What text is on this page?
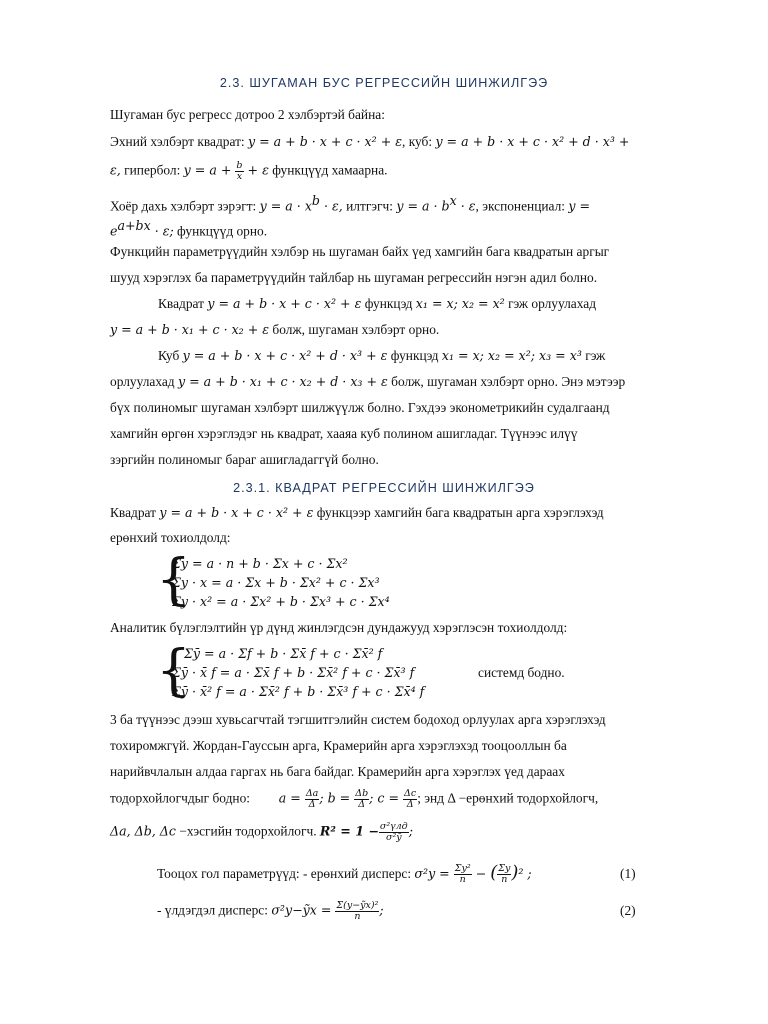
2.3. ШУГАМАН БУС РЕГРЕССИЙН ШИНЖИЛГЭЭ
Шугаман бус регресс дотроо 2 хэлбэртэй байна:
Эхний хэлбэрт квадрат: y = a + b · x + c · x² + ε, куб: y = a + b · x + c · x² + d · x³ +
ε, гипербол: $y = a + \frac{b}{x} + \varepsilon$ функцүүд хамаарна.
Хоёр дахь хэлбэрт зэрэгт: $y = a \cdot x^b \cdot \varepsilon$, илтгэгч: $y = a \cdot b^x \cdot \varepsilon$, экспоненциал: y =
$e^{a+bx} \cdot \varepsilon$; функцүүд орно.
Функцийн параметрүүдийн хэлбэр нь шугаман байх үед хамгийн бага квадратын аргыг
шууд хэрэглэх ба параметрүүдийн тайлбар нь шугаман регрессийн нэгэн адил болно.
Квадрат y = a + b · x + c · x² + ε функцэд x₁ = x; x₂ = x² гэж орлуулахад
y = a + b · x₁ + c · x₂ + ε болж, шугаман хэлбэрт орно.
Куб y = a + b · x + c · x² + d · x³ + ε функцэд x₁ = x; x₂ = x²; x₃ = x³ гэж
орлуулахад y = a + b · x₁ + c · x₂ + d · x₃ + ε болж, шугаман хэлбэрт орно. Энэ мэтээр
бүх полиномыг шугаман хэлбэрт шилжүүлж болно. Гэхдээ эконометрикийн судалгаанд
хамгийн өргөн хэрэглэдэг нь квадрат, хааяа куб полином ашигладаг. Түүнээс илүү
зэргийн полиномыг бараг ашигладаггүй болно.
2.3.1. КВАДРАТ РЕГРЕССИЙН ШИНЖИЛГЭЭ
Квадрат y = a + b · x + c · x² + ε функцээр хамгийн бага квадратын арга хэрэглэхэд
ерөнхий тохиолдолд:
{
Σy = a · n + b · Σx + c · Σx²
Σy · x = a · Σx + b · Σx² + c · Σx³
Σy · x² = a · Σx² + b · Σx³ + c · Σx⁴
Аналитик бүлэглэлтийн үр дүнд жинлэгдсэн дундажууд хэрэглэсэн тохиолдолд:
{
Σȳ = a · Σf + b · Σx̄ f + c · Σx̄² f
Σȳ · x̄ f = a · Σx̄ f + b · Σx̄² f + c · Σx̄³ f
Σȳ · x̄² f = a · Σx̄² f + b · Σx̄³ f + c · Σx̄⁴ f
системд бодно.
3 ба түүнээс дээш хувьсагчтай тэгшитгэлийн систем бодоход орлуулах арга хэрэглэхэд
тохиромжгүй. Жордан-Гауссын арга, Крамерийн арга хэрэглэхэд тооцооллын ба
нарийвчлалын алдаа гаргах нь бага байдаг. Крамерийн арга хэрэглэх үед дараах
тодорхойлогчдыг бодно: $a = \frac{\Delta a}{\Delta}$ ; $b = \frac{\Delta b}{\Delta}$ ; $c = \frac{\Delta c}{\Delta}$ ; энд Δ −ерөнхий тодорхойлогч,
Δa, Δb, Δc −хэсгийн тодорхойлогч. $R^2 = 1 - \frac{\text{σ²үлд}}{\text{σ²ȳ}}$ ;
Тооцох гол параметрүүд: - ерөнхий дисперс: $\sigma^2y = \frac{\text{Σy²}}{n}$ − ( $\frac{\Sigma y}{n} )^2$ ;	(1)
- үлдэгдэл дисперс: σ²y−ỹx = $\frac{\text{Σ(y−ỹx)²}}{n}$ ;	(2)
